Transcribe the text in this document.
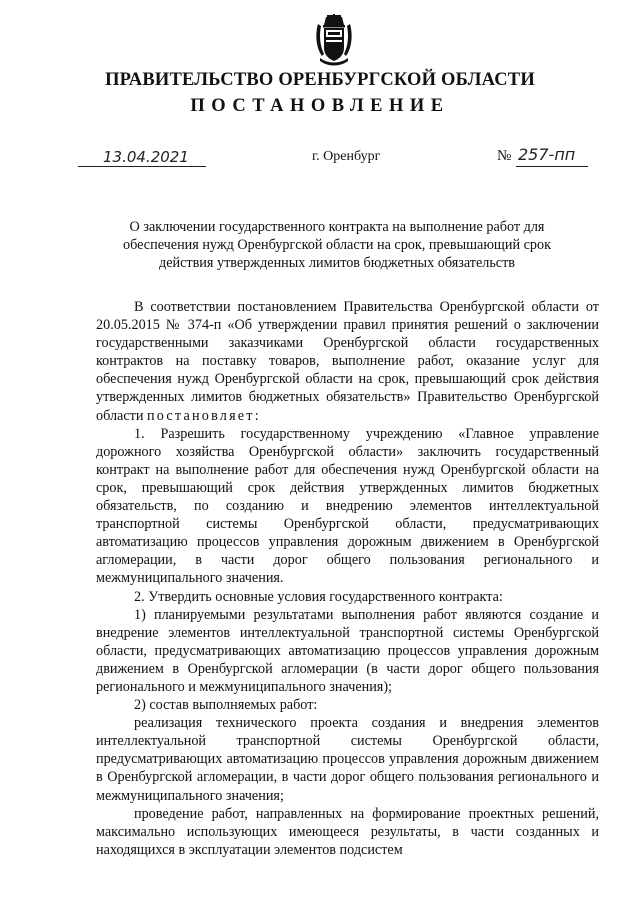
ПРАВИТЕЛЬСТВО ОРЕНБУРГСКОЙ ОБЛАСТИ
ПОСТАНОВЛЕНИЕ
13.04.2021	г. Оренбург	№ 257-пп
О заключении государственного контракта на выполнение работ для обеспечения нужд Оренбургской области на срок, превышающий срок действия утвержденных лимитов бюджетных обязательств

В соответствии постановлением Правительства Оренбургской области от 20.05.2015 № 374-п «Об утверждении правил принятия решений о заключении государственными заказчиками Оренбургской области государственных контрактов на поставку товаров, выполнение работ, оказание услуг для обеспечения нужд Оренбургской области на срок, превышающий срок действия утвержденных лимитов бюджетных обязательств» Правительство Оренбургской области постановляет:

1. Разрешить государственному учреждению «Главное управление дорожного хозяйства Оренбургской области» заключить государственный контракт на выполнение работ для обеспечения нужд Оренбургской области на срок, превышающий срок действия утвержденных лимитов бюджетных обязательств, по созданию и внедрению элементов интеллектуальной транспортной системы Оренбургской области, предусматривающих автоматизацию процессов управления дорожным движением в Оренбургской агломерации, в части дорог общего пользования регионального и межмуниципального значения.

2. Утвердить основные условия государственного контракта:

1) планируемыми результатами выполнения работ являются создание и внедрение элементов интеллектуальной транспортной системы Оренбургской области, предусматривающих автоматизацию процессов управления дорожным движением в Оренбургской агломерации (в части дорог общего пользования регионального и межмуниципального значения);

2) состав выполняемых работ:

реализация технического проекта создания и внедрения элементов интеллектуальной транспортной системы Оренбургской области, предусматривающих автоматизацию процессов управления дорожным движением в Оренбургской агломерации, в части дорог общего пользования регионального и межмуниципального значения;

проведение работ, направленных на формирование проектных решений, максимально использующих имеющееся результаты, в части созданных и находящихся в эксплуатации элементов подсистем
